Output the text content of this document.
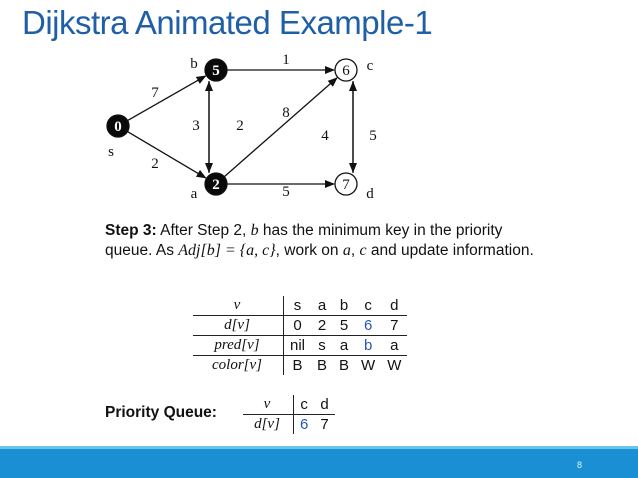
Dijkstra Animated Example-1
7
2
3 2
1
8
5
4	5
0
s
5
b
2
a
6 c
7
d
Step 3: After Step 2, b has the minimum key in the priority queue. As Adj[b] = {a, c}, work on a, c and update information.
v	s	a	b	c	d
d[v]	0	2	5	6	7
pred[v]	nil	s	a	b	a
color[v]	B	B	B	W	W
Priority Queue:	v	c	d
d[v]	6	7
8
